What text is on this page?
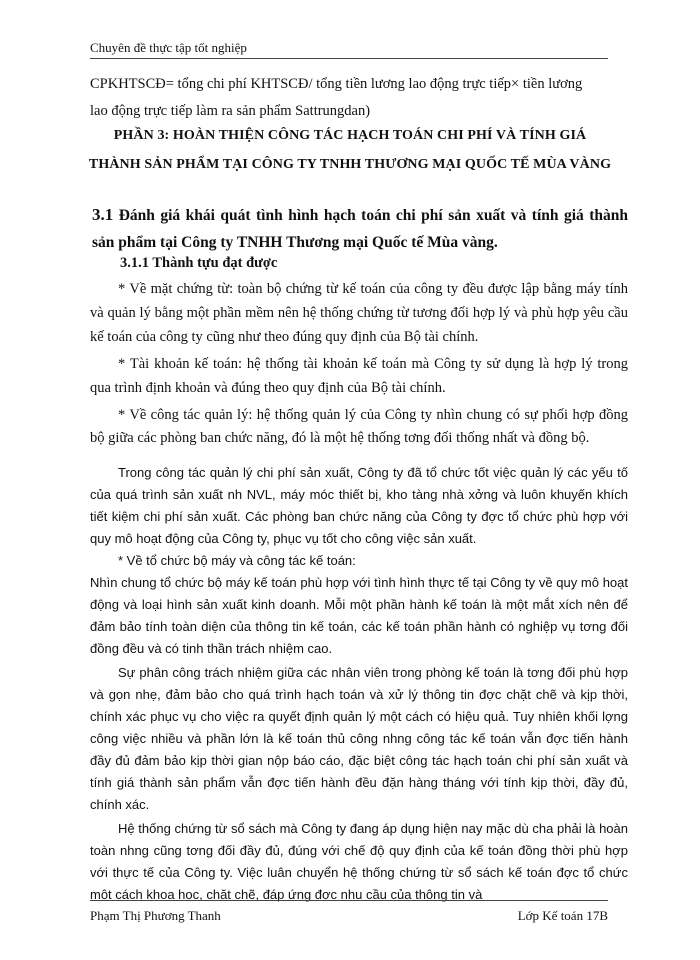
Chuyên đề thực tập tốt nghiệp
CPKHTSCĐ= tổng chi phí KHTSCĐ/ tổng tiền lương lao động trực tiếp× tiền lương
lao động trực tiếp làm ra sản phẩm Sattrungdan)
PHẦN 3: HOÀN THIỆN CÔNG TÁC HẠCH TOÁN CHI PHÍ VÀ TÍNH GIÁ
THÀNH SẢN PHẨM TẠI CÔNG TY TNHH THƯƠNG MẠI QUỐC TẾ MÙA VÀNG
3.1 Đánh giá khái quát tình hình hạch toán chi phí sản xuất và tính giá thành sản phẩm tại Công ty TNHH Thương mại Quốc tế Mùa vàng.
3.1.1 Thành tựu đạt được

* Về mặt chứng từ: toàn bộ chứng từ kế toán của công ty đều được lập bằng máy tính và quản lý bằng một phần mềm nên hệ thống chứng từ tương đối hợp lý và phù hợp yêu cầu kế toán của công ty cũng như theo đúng quy định của Bộ tài chính.

* Tài khoản kế toán: hệ thống tài khoản kế toán mà Công ty sử dụng là hợp lý trong qua trình định khoản và đúng theo quy định của Bộ tài chính.

* Về công tác quản lý: hệ thống quản lý của Công ty nhìn chung có sự phối hợp đồng bộ giữa các phòng ban chức năng, đó là một hệ thống tơng đối thống nhất và đồng bộ.

Trong công tác quản lý chi phí sản xuất, Công ty đã tổ chức tốt việc quản lý các yếu tố của quá trình sản xuất nh NVL, máy móc thiết bị, kho tàng nhà xởng và luôn khuyến khích tiết kiệm chi phí sản xuất. Các phòng ban chức năng của Công ty đợc tổ chức phù hợp với quy mô hoạt động của Công ty, phục vụ tốt cho công việc sản xuất.

* Về tổ chức bộ máy và công tác kế toán:

Nhìn chung tổ chức bộ máy kế toán phù hợp với tình hình thực tế tại Công ty về quy mô hoạt động và loại hình sản xuất kinh doanh. Mỗi một phần hành kế toán là một mắt xích nên để đảm bảo tính toàn diện của thông tin kế toán, các kế toán phần hành có nghiệp vụ tơng đối đồng đều và có tinh thần trách nhiệm cao.

Sự phân công trách nhiệm giữa các nhân viên trong phòng kế toán là tơng đối phù hợp và gọn nhẹ, đảm bảo cho quá trình hạch toán và xử lý thông tin đợc chặt chẽ và kịp thời, chính xác phục vụ cho việc ra quyết định quản lý một cách có hiệu quả. Tuy nhiên khối lợng công việc nhiều và phần lớn là kế toán thủ công nhng công tác kế toán vẫn đợc tiến hành đầy đủ đảm bảo kịp thời gian nộp báo cáo, đặc biệt công tác hạch toán chi phí sản xuất và tính giá thành sản phẩm vẫn đợc tiến hành đều đặn hàng tháng với tính kịp thời, đầy đủ, chính xác.

Hệ thống chứng từ sổ sách mà Công ty đang áp dụng hiện nay mặc dù cha phải là hoàn toàn nhng cũng tơng đối đầy đủ, đúng với chế độ quy định của kế toán đồng thời phù hợp với thực tế của Công ty. Việc luân chuyển hệ thống chứng từ sổ sách kế toán đợc tổ chức một cách khoa học, chặt chẽ, đáp ứng đợc nhu cầu của thông tin và

Phạm Thị Phương Thanh	Lớp Kế toán 17B
